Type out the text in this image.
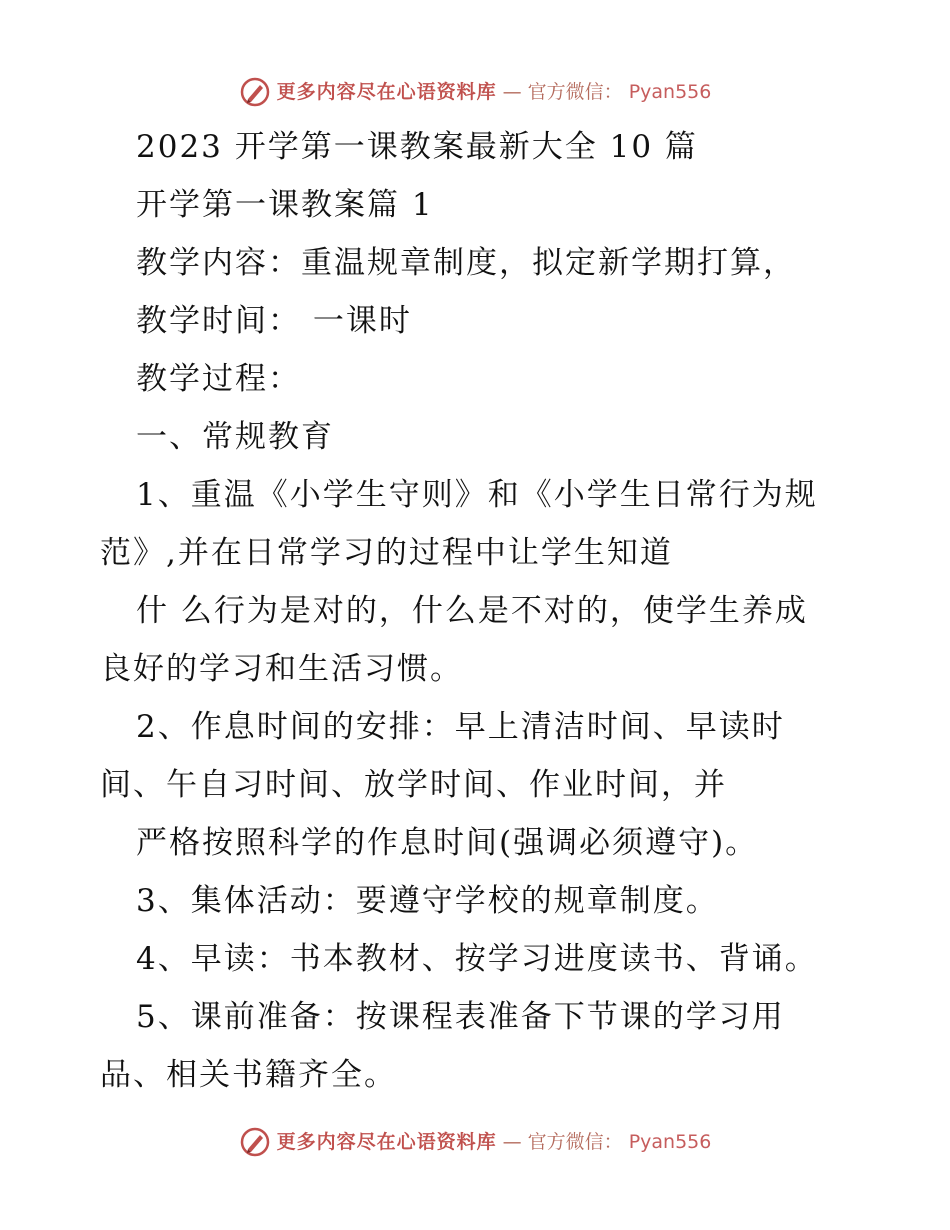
更多内容尽在心语资料库 — 官方微信： Pyan556
2023 开学第一课教案最新大全 10 篇
开学第一课教案篇 1
教学内容：重温规章制度，拟定新学期打算，
教学时间： 一课时
教学过程：
一、常规教育
1、重温《小学生守则》和《小学生日常行为规
范》,并在日常学习的过程中让学生知道
什 么行为是对的，什么是不对的，使学生养成
良好的学习和生活习惯。
2、作息时间的安排：早上清洁时间、早读时
间、午自习时间、放学时间、作业时间，并
严格按照科学的作息时间(强调必须遵守)。
3、集体活动：要遵守学校的规章制度。
4、早读：书本教材、按学习进度读书、背诵。
5、课前准备：按课程表准备下节课的学习用
品、相关书籍齐全。
更多内容尽在心语资料库 — 官方微信： Pyan556
